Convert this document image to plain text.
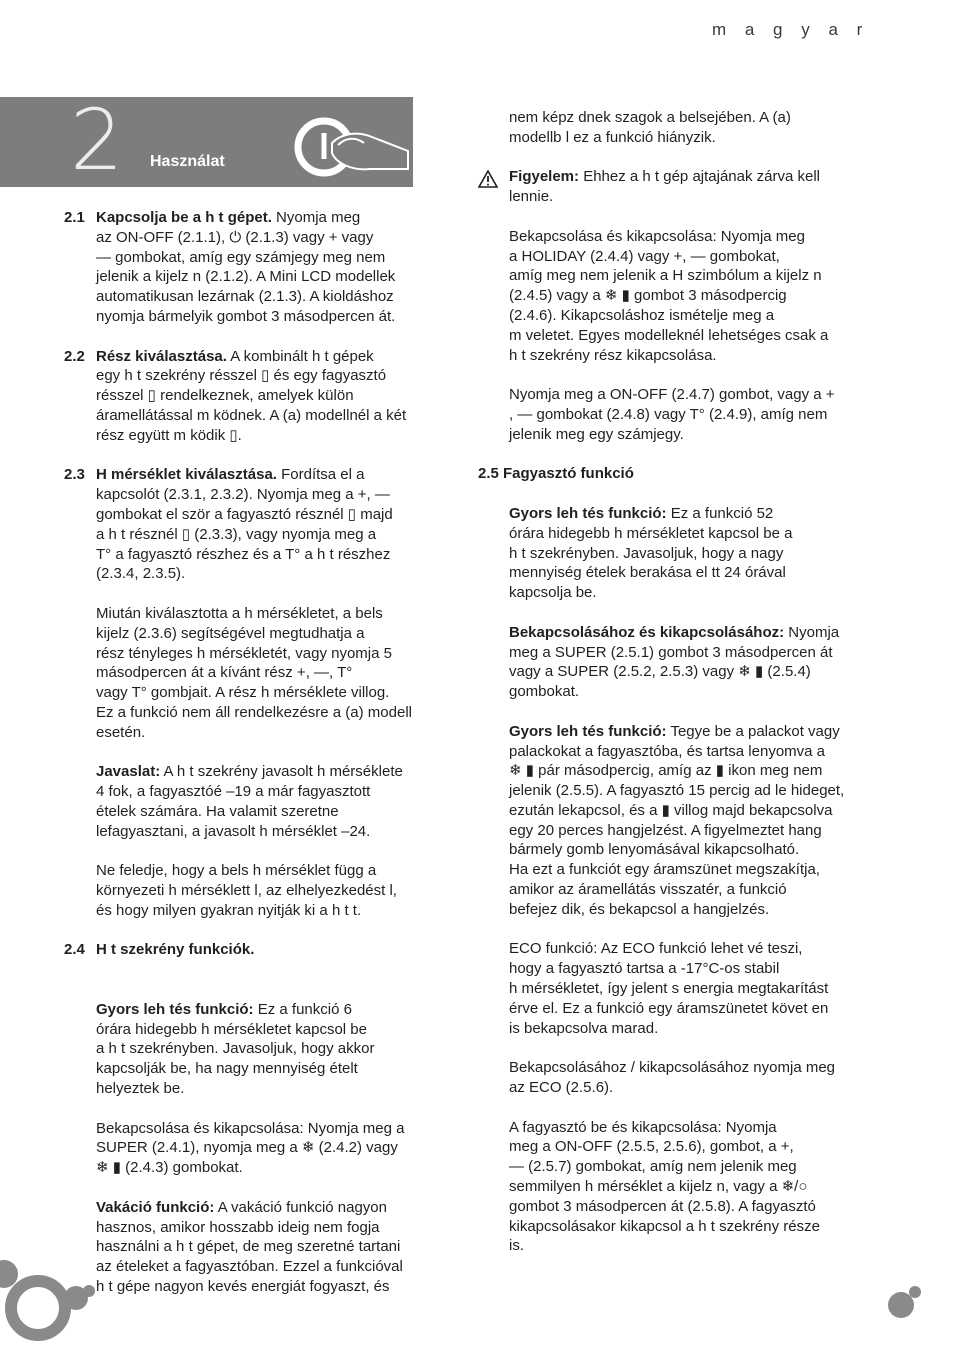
m a g y a r
2 Használat
2.1 Kapcsolja be a h t gépet. Nyomja meg

az ON-OFF (2.1.1), ⏻ (2.1.3) vagy + vagy

— gombokat, amíg egy számjegy meg nem

jelenik a kijelz n (2.1.2). A Mini LCD modellek

automatikusan lezárnak (2.1.3). A kioldáshoz

nyomja bármelyik gombot 3 másodpercen át.

2.2 Rész kiválasztása. A kombinált h t gépek

egy h t szekrény résszel ▯ és egy fagyasztó

résszel ▯ rendelkeznek, amelyek külön

áramellátással m ködnek. A (a) modellnél a két

rész együtt m ködik ▯.

2.3 H mérséklet kiválasztása. Fordítsa el a

kapcsolót (2.3.1, 2.3.2). Nyomja meg a +, —

gombokat el ször a fagyasztó résznél ▯ majd

a h t résznél ▯ (2.3.3), vagy nyomja meg a

T° a fagyasztó részhez és a T° a h t részhez

(2.3.4, 2.3.5).

Miután kiválasztotta a h mérsékletet, a bels

kijelz (2.3.6) segítségével megtudhatja a

rész tényleges h mérsékletét, vagy nyomja 5

másodpercen át a kívánt rész +, —, T°

vagy T° gombjait. A rész h mérséklete villog.

Ez a funkció nem áll rendelkezésre a (a) modell

esetén.

Javaslat: A h t szekrény javasolt h mérséklete

4 fok, a fagyasztóé –19 a már fagyasztott

ételek számára. Ha valamit szeretne

lefagyasztani, a javasolt h mérséklet –24.

Ne feledje, hogy a bels h mérséklet függ a

környezeti h mérséklett l, az elhelyezkedést l,

és hogy milyen gyakran nyitják ki a h t t.

2.4 H t szekrény funkciók.

Gyors leh tés funkció: Ez a funkció 6

órára hidegebb h mérsékletet kapcsol be

a h t szekrényben. Javasoljuk, hogy akkor

kapcsolják be, ha nagy mennyiség ételt

helyeztek be.

Bekapcsolása és kikapcsolása: Nyomja meg a

SUPER (2.4.1), nyomja meg a ❄ (2.4.2) vagy

❄ ▮ (2.4.3) gombokat.

Vakáció funkció: A vakáció funkció nagyon

hasznos, amikor hosszabb ideig nem fogja

használni a h t gépet, de meg szeretné tartani

az ételeket a fagyasztóban. Ezzel a funkcióval

h t gépe nagyon kevés energiát fogyaszt, és

nem képz dnek szagok a belsejében. A (a)

modellb l ez a funkció hiányzik.

Figyelem: Ehhez a h t gép ajtajának zárva kell

lennie.

Bekapcsolása és kikapcsolása: Nyomja meg

a HOLIDAY (2.4.4) vagy +, — gombokat,

amíg meg nem jelenik a H szimbólum a kijelz n

(2.4.5) vagy a ❄ ▮ gombot 3 másodpercig

(2.4.6). Kikapcsoláshoz ismételje meg a

m veletet. Egyes modelleknél lehetséges csak a

h t szekrény rész kikapcsolása.

Nyomja meg a ON-OFF (2.4.7) gombot, vagy a +

, — gombokat (2.4.8) vagy T° (2.4.9), amíg nem

jelenik meg egy számjegy.

2.5 Fagyasztó funkció

Gyors leh tés funkció: Ez a funkció 52

órára hidegebb h mérsékletet kapcsol be a

h t szekrényben. Javasoljuk, hogy a nagy

mennyiség ételek berakása el tt 24 órával

kapcsolja be.

Bekapcsolásához és kikapcsolásához: Nyomja

meg a SUPER (2.5.1) gombot 3 másodpercen át

vagy a SUPER (2.5.2, 2.5.3) vagy ❄ ▮ (2.5.4)

gombokat.

Gyors leh tés funkció: Tegye be a palackot vagy

palackokat a fagyasztóba, és tartsa lenyomva a

❄ ▮ pár másodpercig, amíg az ▮ ikon meg nem

jelenik (2.5.5). A fagyasztó 15 percig ad le hideget,

ezután lekapcsol, és a ▮ villog majd bekapcsolva

egy 20 perces hangjelzést. A figyelmeztet hang

bármely gomb lenyomásával kikapcsolható.

Ha ezt a funkciót egy áramszünet megszakítja,

amikor az áramellátás visszatér, a funkció

befejez dik, és bekapcsol a hangjelzés.

ECO funkció: Az ECO funkció lehet vé teszi,

hogy a fagyasztó tartsa a -17°C-os stabil

h mérsékletet, így jelent s energia megtakarítást

érve el. Ez a funkció egy áramszünetet követ en

is bekapcsolva marad.

Bekapcsolásához / kikapcsolásához nyomja meg

az ECO (2.5.6).

A fagyasztó be és kikapcsolása: Nyomja

meg a ON-OFF (2.5.5, 2.5.6), gombot, a +,

— (2.5.7) gombokat, amíg nem jelenik meg

semmilyen h mérséklet a kijelz n, vagy a ❄/○

gombot 3 másodpercen át (2.5.8). A fagyasztó

kikapcsolásakor kikapcsol a h t szekrény része

is.
